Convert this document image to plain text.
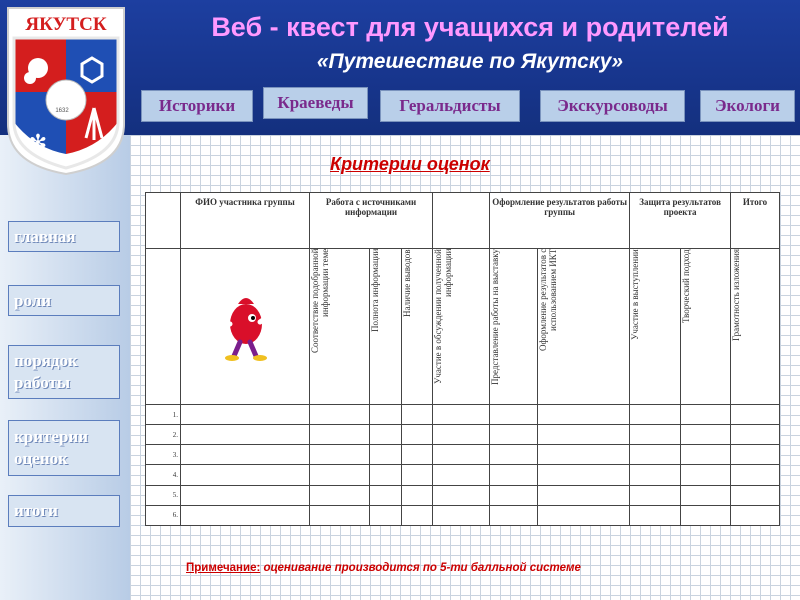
✻
ЯКУТСК
1632
Веб - квест для учащихся и родителей
«Путешествие по Якутску»
Историки	Краеведы	Геральдисты	Экскурсоводы	Экологи
главная
роли
порядок работы
критерии оценок
итоги
Критерии оценок
	ФИО участника группы	Работа с источниками информации				Оформление результатов работы группы		Защита результатов проекта		Итого
		Соответствие подобранной информации теме	Полнота информации	Наличие выводов	Участие в обсуждении полученной информации	Представление работы на выставку	Оформление результатов с использованием ИКТ	Участие в выступлении	Творческий подход	Грамотность изложения
1.										
2.										
3.										
4.										
5.										
6.										
Примечание: оценивание производится по 5-ти балльной системе
